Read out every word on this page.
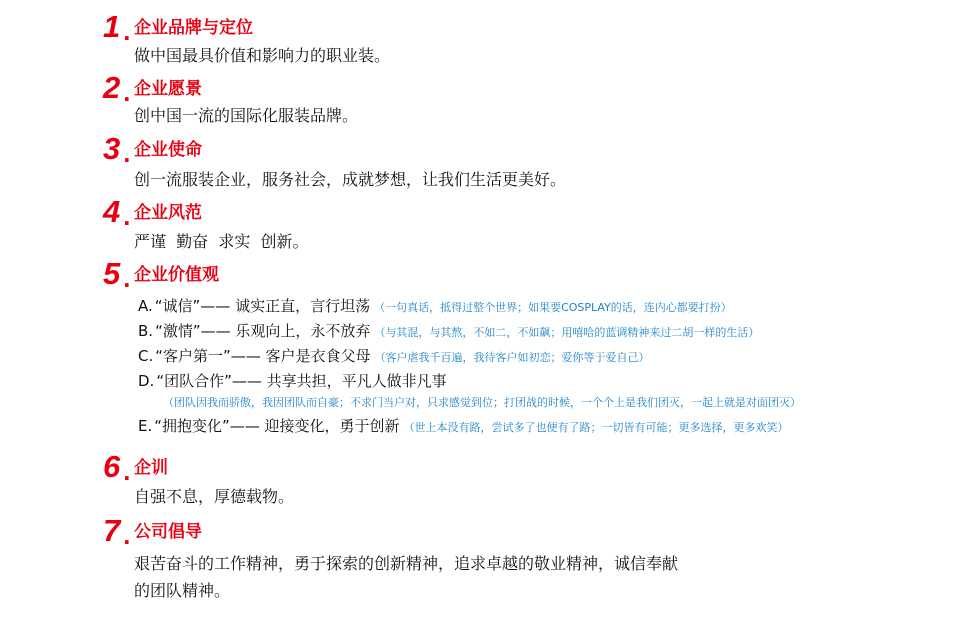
1 . 企业品牌与定位
做中国最具价值和影响力的职业装。
2 . 企业愿景
创中国一流的国际化服装品牌。
3 . 企业使命
创一流服装企业，服务社会，成就梦想，让我们生活更美好。
4 . 企业风范
严谨  勤奋  求实  创新。
5 . 企业价值观
A. “诚信”—— 诚实正直，言行坦荡 （一句真话，抵得过整个世界；如果要COSPLAY的话，连内心都要打扮）
B. “激情”—— 乐观向上，永不放弃 （与其混，与其熬，不如二，不如飙；用嘻哈的蓝调精神来过二胡一样的生活）
C. “客户第一”—— 客户是衣食父母 （客户虐我千百遍，我待客户如初恋；爱你等于爱自己）
D. “团队合作”—— 共享共担，平凡人做非凡事
（团队因我而骄傲，我因团队而自豪；不求门当户对，只求感觉到位；打团战的时候，一个个上是我们团灭，一起上就是对面团灭）
E. “拥抱变化”—— 迎接变化，勇于创新 （世上本没有路，尝试多了也便有了路；一切皆有可能；更多选择，更多欢笑）
6 . 企训
自强不息，厚德载物。
7 . 公司倡导
艰苦奋斗的工作精神，勇于探索的创新精神，追求卓越的敬业精神，诚信奉献
的团队精神。
